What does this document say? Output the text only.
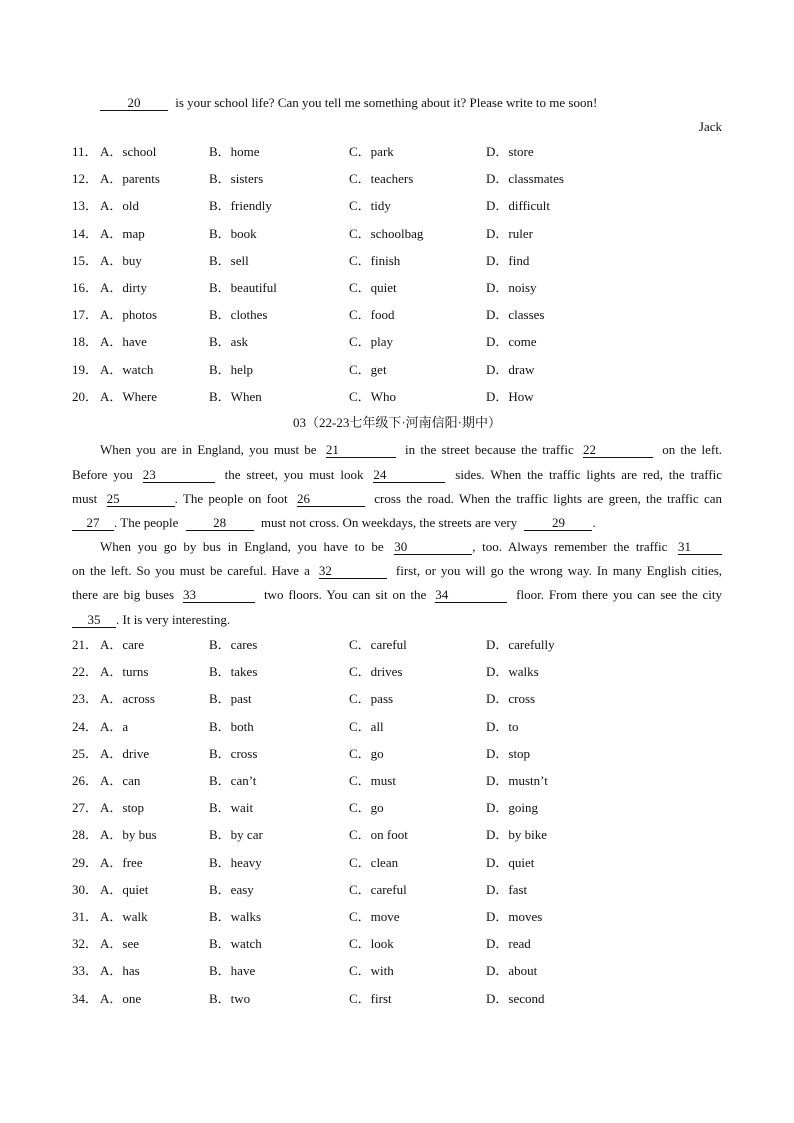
20	is your school life? Can you tell me something about it? Please write to me soon!
Jack
11． A．school	B．home	C．park	D．store
12． A．parents	B．sisters	C．teachers	D．classmates
13． A．old	B．friendly	C．tidy	D．difficult
14． A．map	B．book	C．schoolbag	D．ruler
15． A．buy	B．sell	C．finish	D．find
16． A．dirty	B．beautiful	C．quiet	D．noisy
17． A．photos	B．clothes	C．food	D．classes
18． A．have	B．ask	C．play	D．come
19． A．watch	B．help	C．get	D．draw
20． A．Where	B．When	C．Who	D．How
03（22-23七年级下·河南信阳·期中）
When you are in England, you must be 21	in the street because the traffic 22	on the left.
Before you 23	the street, you must look 24	sides. When the traffic lights are red, the traffic
must 25	. The people on foot 26	cross the road. When the traffic lights are green, the traffic can
27 . The people	28	must not cross. On weekdays, the streets are very	29 .
When you go by bus in England, you have to be 30	, too. Always remember the traffic 31
on the left. So you must be careful. Have a 32	first, or you will go the wrong way. In many English cities,
there are big buses 33	two floors. You can sit on the 34	floor. From there you can see the city
35 . It is very interesting.
21． A．care	B．cares	C．careful	D．carefully
22． A．turns	B．takes	C．drives	D．walks
23． A．across	B．past	C．pass	D．cross
24． A．a	B．both	C．all	D．to
25． A．drive	B．cross	C．go	D．stop
26． A．can	B．can’t	C．must	D．mustn’t
27． A．stop	B．wait	C．go	D．going
28． A．by bus	B．by car	C．on foot	D．by bike
29． A．free	B．heavy	C．clean	D．quiet
30． A．quiet	B．easy	C．careful	D．fast
31． A．walk	B．walks	C．move	D．moves
32． A．see	B．watch	C．look	D．read
33． A．has	B．have	C．with	D．about
34． A．one	B．two	C．first	D．second
